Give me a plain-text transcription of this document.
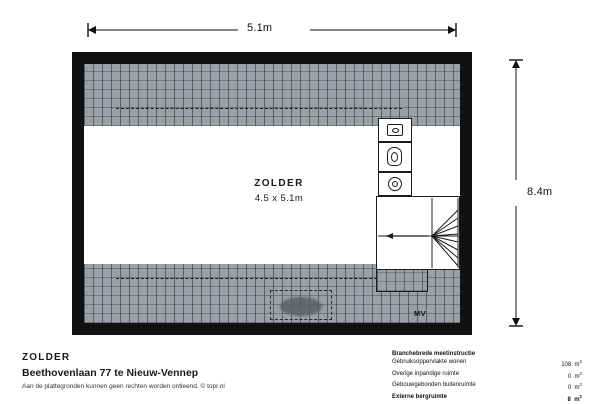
5.1m
8.4m
ZOLDER
4.5 x 5.1m
MV
ZOLDER
Beethovenlaan 77 te Nieuw-Vennep
Aan de plattegronden kunnen geen rechten worden ontleend. © topr.nl
Branchebrede meetinstructie
Gebruiksoppervlakte wonen	108  $m^2$
Overige inpandige ruimte	0  $m^2$
Gebouwgebonden buitenruimte	0  $m^2$
Externe bergruimte	8  $m^2$
